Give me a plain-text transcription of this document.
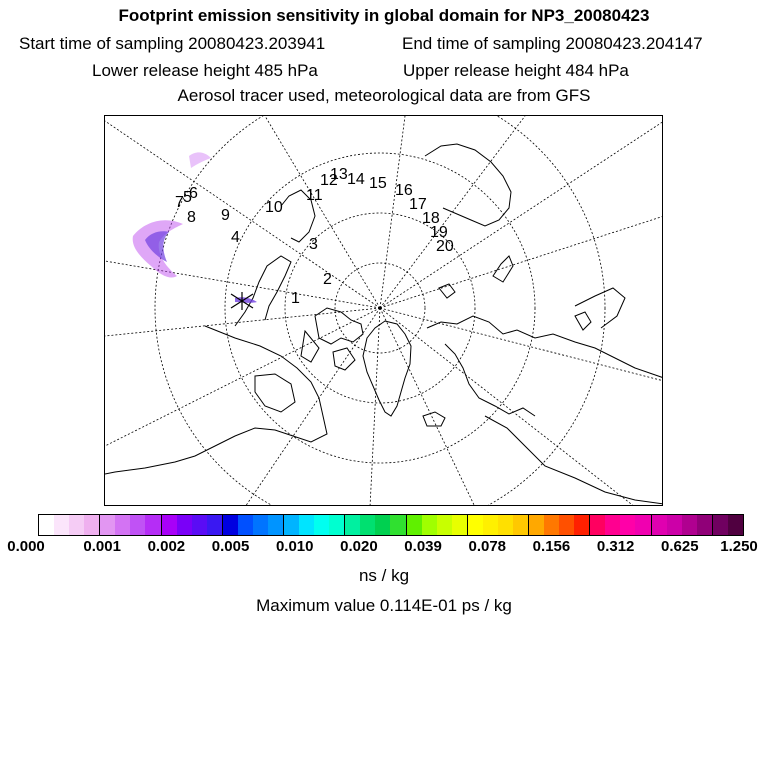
Footprint emission sensitivity in global domain for NP3_20080423
Start time of sampling 20080423.203941	End time of sampling 20080423.204147
Lower release height 485 hPa	Upper release height 484 hPa
Aerosol tracer used, meteorological data are from GFS
1
2
3
4
5
6
7
8 9 10
11
12
13 14 15 16
17
18
19
20
0.000	0.001 0.002 0.005 0.010 0.020 0.039 0.078 0.156 0.312 0.625 1.250
ns / kg
Maximum value 0.114E-01 ps / kg
